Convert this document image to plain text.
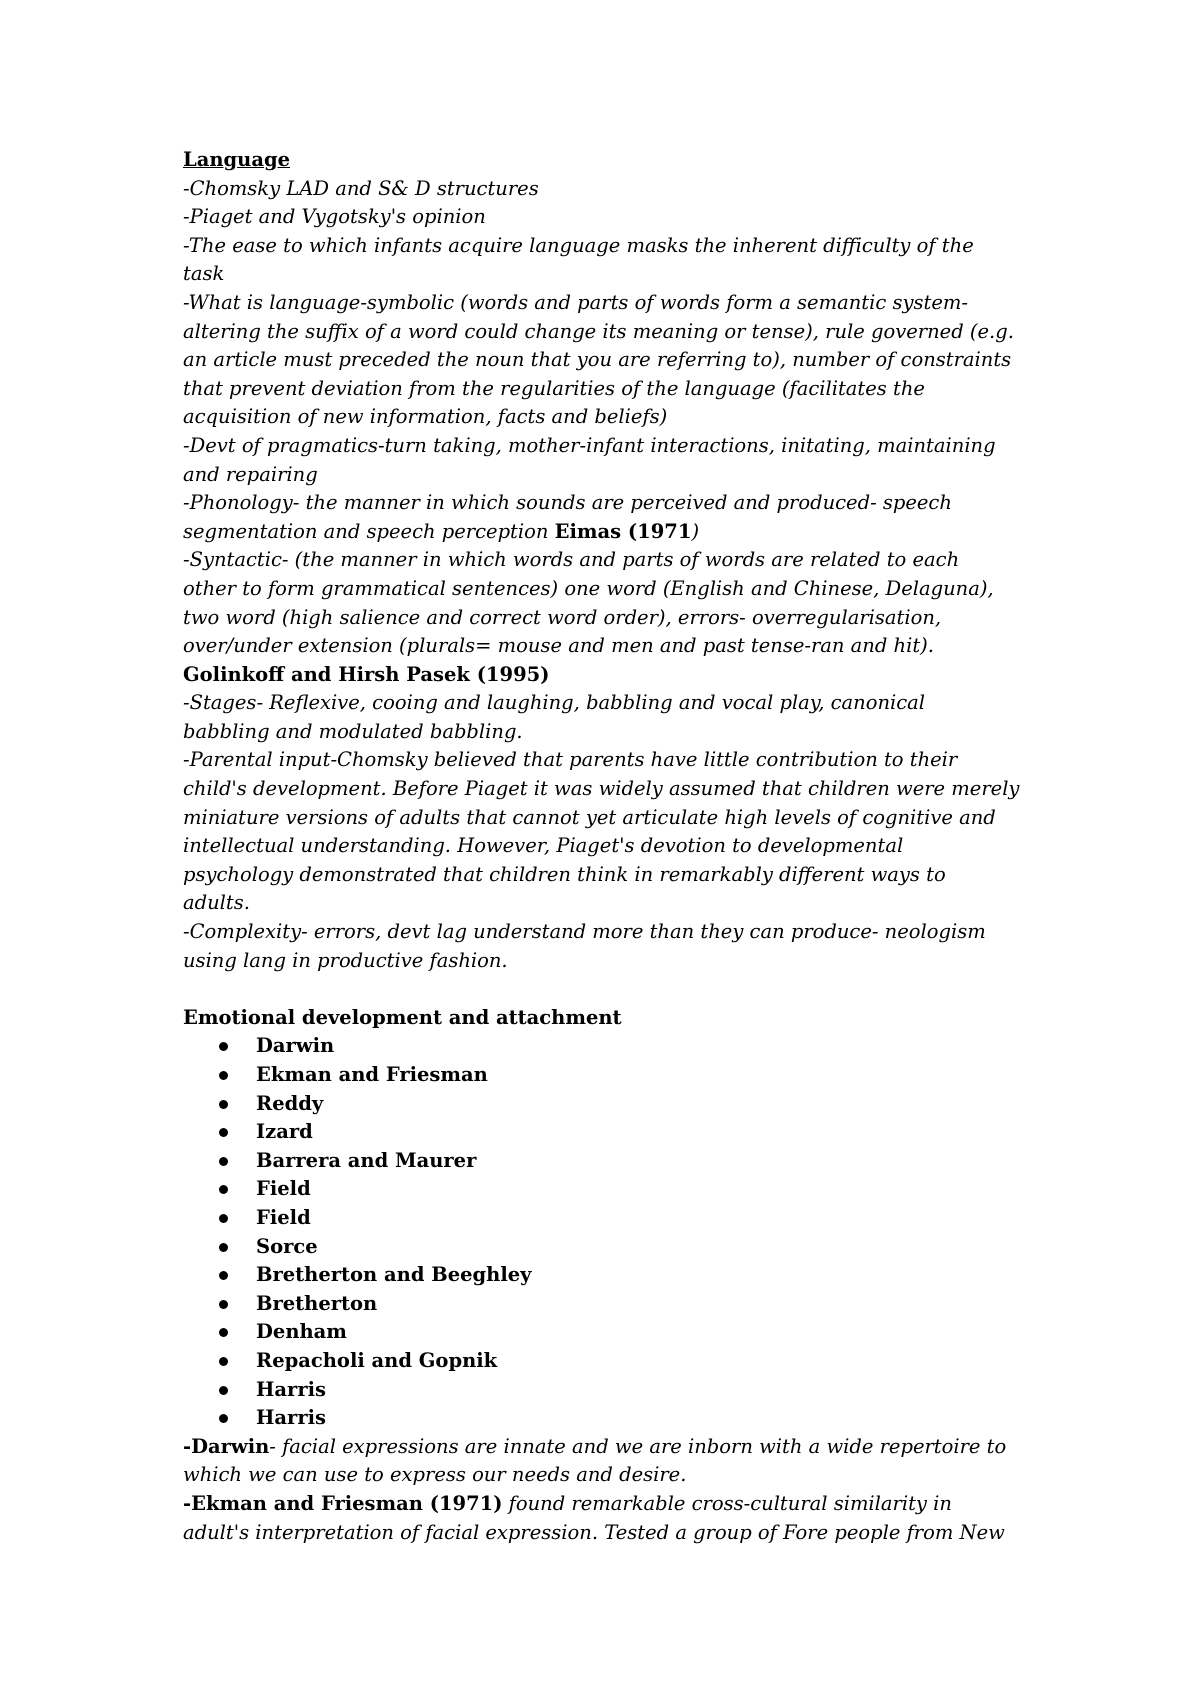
Language
-Chomsky LAD and S& D structures
-Piaget and Vygotsky's opinion
-The ease to which infants acquire language masks the inherent difficulty of the
task
-What is language-symbolic (words and parts of words form a semantic system-
altering the suffix of a word could change its meaning or tense), rule governed (e.g.
an article must preceded the noun that you are referring to), number of constraints
that prevent deviation from the regularities of the language (facilitates the
acquisition of new information, facts and beliefs)
-Devt of pragmatics-turn taking, mother-infant interactions, initating, maintaining
and repairing
-Phonology- the manner in which sounds are perceived and produced- speech
segmentation and speech perception Eimas (1971)
-Syntactic- (the manner in which words and parts of words are related to each
other to form grammatical sentences) one word (English and Chinese, Delaguna),
two word (high salience and correct word order), errors- overregularisation,
over/under extension (plurals= mouse and men and past tense-ran and hit).
Golinkoff and Hirsh Pasek (1995)
-Stages- Reflexive, cooing and laughing, babbling and vocal play, canonical
babbling and modulated babbling.
-Parental input-Chomsky believed that parents have little contribution to their
child's development. Before Piaget it was widely assumed that children were merely
miniature versions of adults that cannot yet articulate high levels of cognitive and
intellectual understanding. However, Piaget's devotion to developmental
psychology demonstrated that children think in remarkably different ways to
adults.
-Complexity- errors, devt lag understand more than they can produce- neologism
using lang in productive fashion.
Emotional development and attachment
Darwin
Ekman and Friesman
Reddy
Izard
Barrera and Maurer
Field
Field
Sorce
Bretherton and Beeghley
Bretherton
Denham
Repacholi and Gopnik
Harris
Harris
-Darwin- facial expressions are innate and we are inborn with a wide repertoire to
which we can use to express our needs and desire.
-Ekman and Friesman (1971) found remarkable cross-cultural similarity in
adult's interpretation of facial expression. Tested a group of Fore people from New
